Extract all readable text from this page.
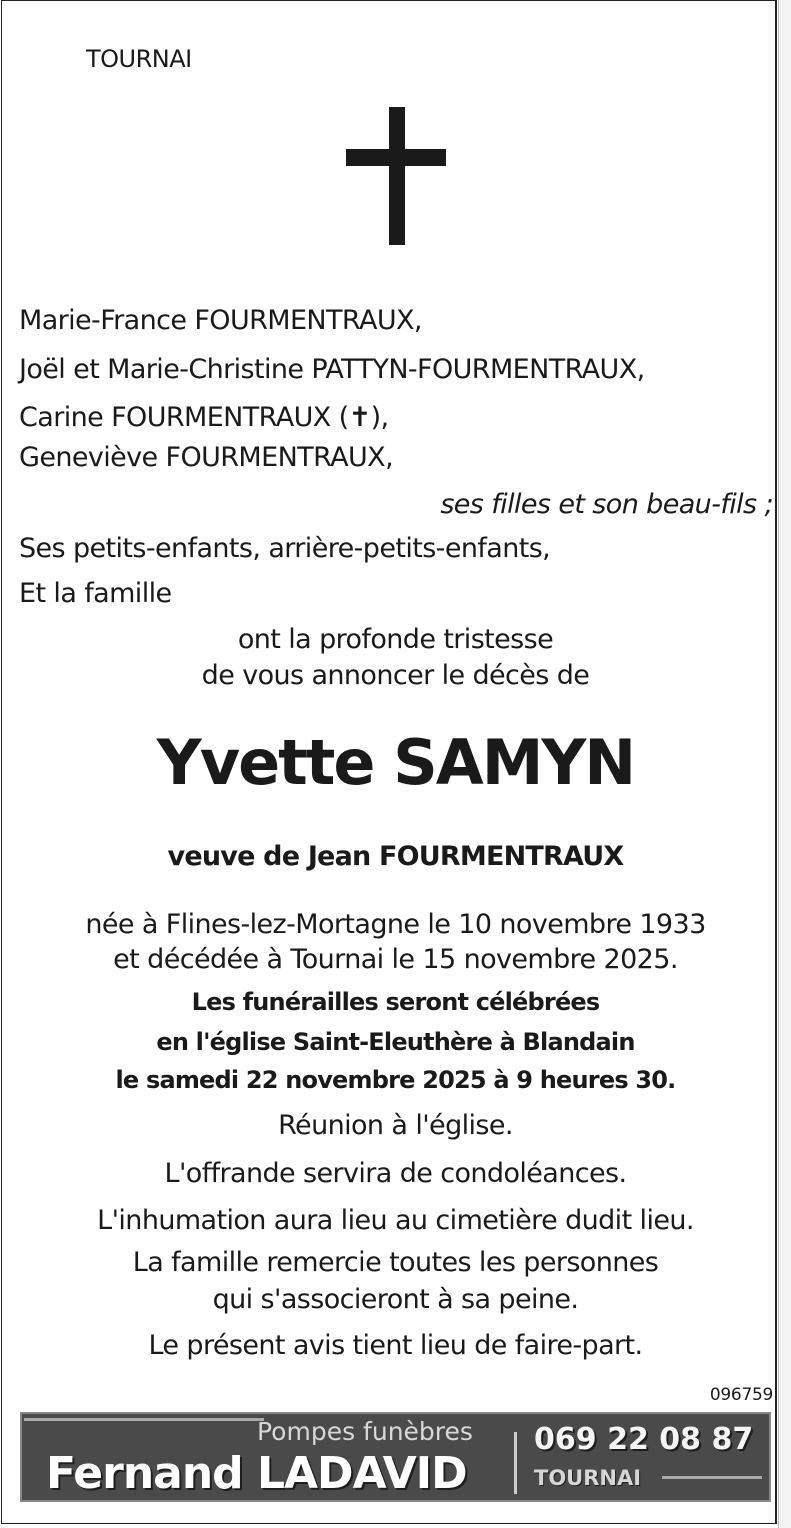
TOURNAI
Marie-France FOURMENTRAUX,
Joël et Marie-Christine PATTYN-FOURMENTRAUX,
Carine FOURMENTRAUX (✝),
Geneviève FOURMENTRAUX,
ses filles et son beau-fils ;
Ses petits-enfants, arrière-petits-enfants,
Et la famille
ont la profonde tristesse
de vous annoncer le décès de
Yvette SAMYN
veuve de Jean FOURMENTRAUX
née à Flines-lez-Mortagne le 10 novembre 1933
et décédée à Tournai le 15 novembre 2025.
Les funérailles seront célébrées
en l'église Saint-Eleuthère à Blandain
le samedi 22 novembre 2025 à 9 heures 30.
Réunion à l'église.
L'offrande servira de condoléances.
L'inhumation aura lieu au cimetière dudit lieu.
La famille remercie toutes les personnes
qui s'associeront à sa peine.
Le présent avis tient lieu de faire-part.
096759
Pompes funèbres
Fernand LADAVID
069 22 08 87
TOURNAI
